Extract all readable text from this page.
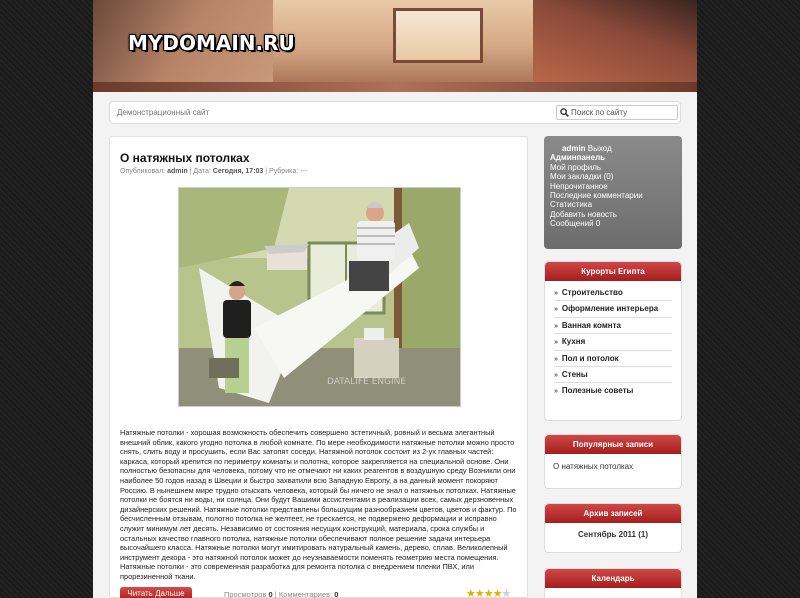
MYDOMAIN.RU
Демонстрационный сайт
Поиск по сайту
О натяжных потолках
Опубликовал: admin | Дата: Сегодня, 17:03 | Рубрика: ---
DATALIFE ENGINE
Натяжные потолки - хорошая возможность обеспечить совершено эстетичный, ровный и весьма элегантный внешний облик, какого угодно потолка в любой комнате. По мере необходимости натяжные потолки можно просто снять, слить воду и просушить, если Вас затопят соседи. Натяжной потолок состоит из 2-ух главных частей: каркаса, который крепится по периметру комнаты и полотна, которое закрепляется на специальной основе. Они полностью безопасны для человека, потому что не отмечают ни каких реагентов в воздушную среду Возникли они наиболее 50 годов назад в Швеции и быстро захватили всю Западную Европу, а на данный момент покоряют Россию. В нынешнем мире трудно отыскать человека, который бы ничего не знал о натяжных потолках. Натяжные потолки не боятся ни воды, ни солнца. Они будут Вашими ассистентами в реализации всех, самых дерзновенных дизайнерских решений. Натяжные потолки представлены большущим разнообразием цветов, цветов и фактур. По бесчисленным отзывам, полотно потолка не желтеет, не трескается, не подвержено деформации и исправно служит минимум лет десять. Независимо от состояния несущих конструкций, материала, срока службы и остальных качество главного потолка, натяжные потолки обеспечивают полное решение задачи интерьера высочайшего класса. Натяжные потолки могут имитировать натуральный камень, дерево, сплав. Великолепный инструмент декора - это натяжной потолок может до неузнаваемости поменять геометрию места помещения. Натяжные потолки - это современная разработка для ремонта потолка с внедрением пленки ПВХ, или прорезиненной ткани.
Читать Дальше	Просмотров 0 | Комментариев: 0	★★★★★
admin Выход
Админпанель
Мой профиль
Мои закладки (0)
Непрочитанное
Последние комментарии
Статистика
Добавить новость
Сообщений 0
Курорты Египта
» Строительство
» Оформление интерьера
» Ванная комнта
» Кухня
» Пол и потолок
» Стены
» Полезные советы
Популярные записи
О натяжных потолках
Архив записей
Сентябрь 2011 (1)
Календарь
